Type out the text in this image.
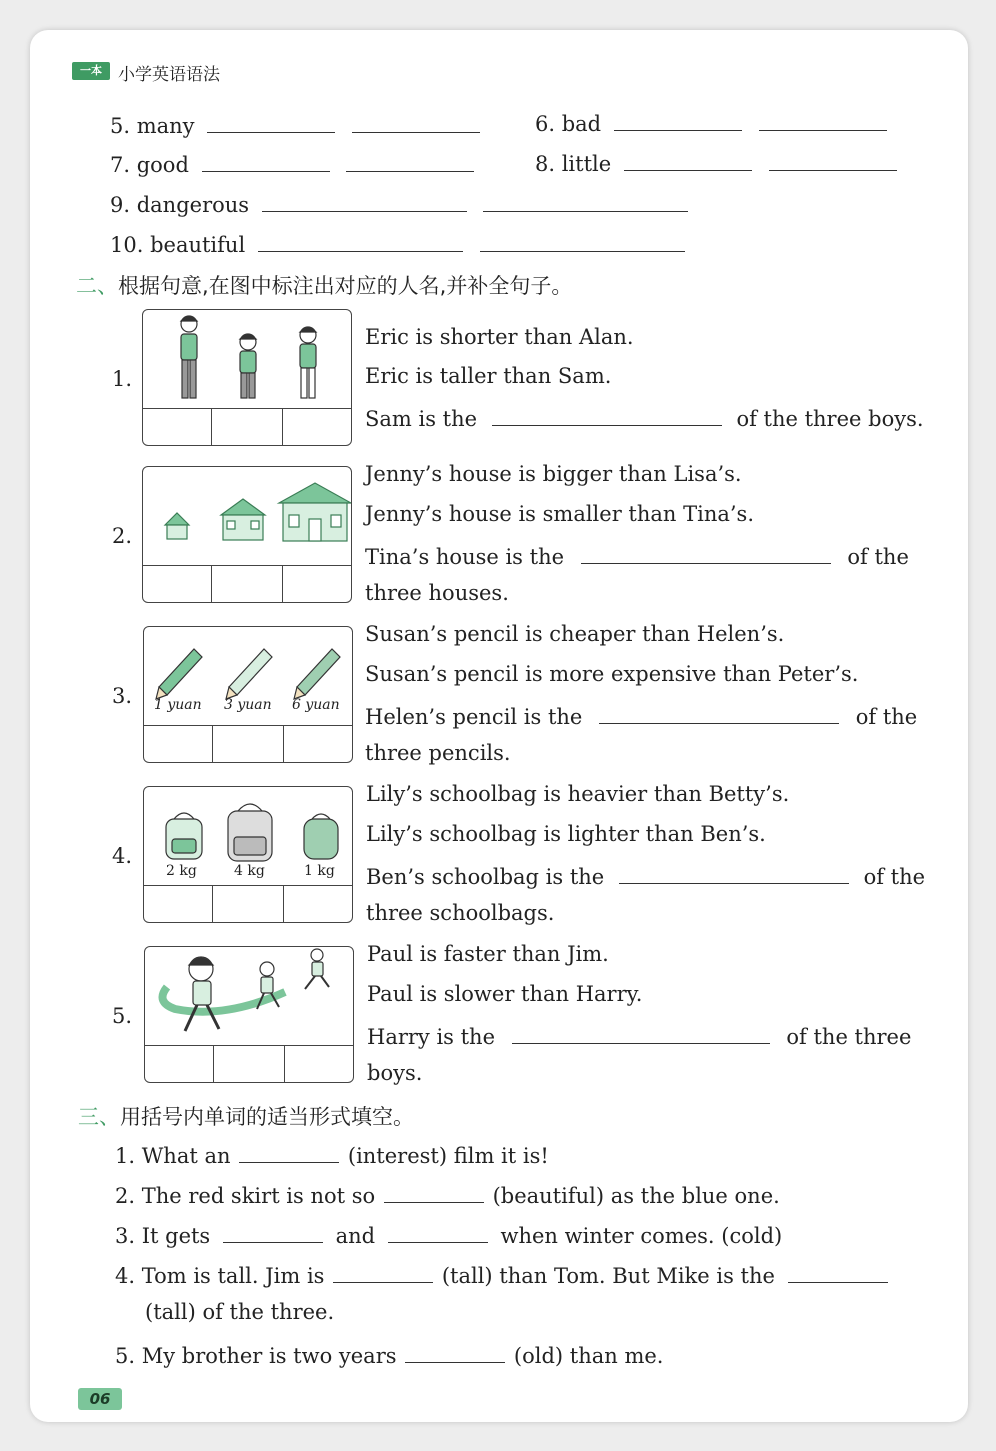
一本 小学英语语法
5. many	6. bad
7. good	8. little
9. dangerous
10. beautiful
二、根据句意,在图中标注出对应的人名,并补全句子。
1.
Eric is shorter than Alan.
Eric is taller than Sam.
Sam is the	of the three boys.
2.
Jenny’s house is bigger than Lisa’s.
Jenny’s house is smaller than Tina’s.
Tina’s house is the	of the
three houses.
3. 1 yuan 3 yuan 6 yuan
Susan’s pencil is cheaper than Helen’s.
Susan’s pencil is more expensive than Peter’s.
Helen’s pencil is the	of the
three pencils.
4.
2 kg	4 kg	1 kg
Lily’s schoolbag is heavier than Betty’s.
Lily’s schoolbag is lighter than Ben’s.
Ben’s schoolbag is the	of the
three schoolbags.
5.
Paul is faster than Jim.
Paul is slower than Harry.
Harry is the	of the three
boys.
三、用括号内单词的适当形式填空。
1. What an	(interest) film it is!
2. The red skirt is not so	(beautiful) as the blue one.
3. It gets	and	when winter comes. (cold)
4. Tom is tall. Jim is	(tall) than Tom. But Mike is the
(tall) of the three.
5. My brother is two years	(old) than me.
06
